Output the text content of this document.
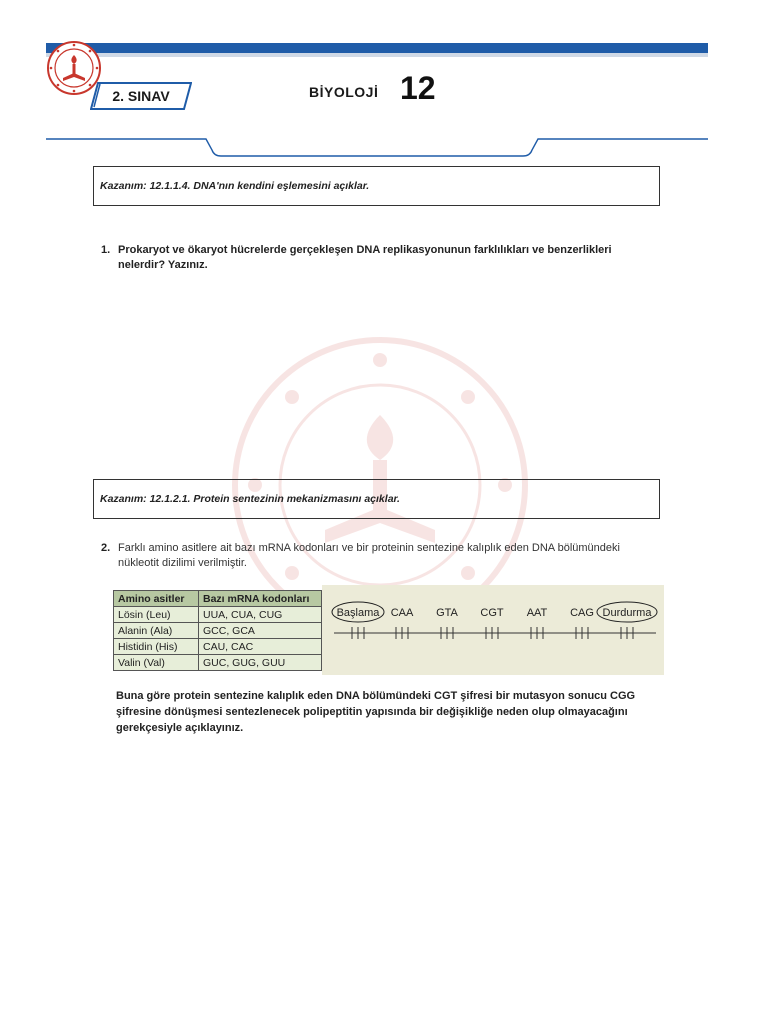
2. SINAV	BİYOLOJİ 12
Kazanım: 12.1.1.4. DNA'nın kendini eşlemesini açıklar.
1. Prokaryot ve ökaryot hücrelerde gerçekleşen DNA replikasyonunun farklılıkları ve benzerlikleri nelerdir? Yazınız.
Kazanım: 12.1.2.1. Protein sentezinin mekanizmasını açıklar.
2. Farklı amino asitlere ait bazı mRNA kodonları ve bir proteinin sentezine kalıplık eden DNA bölümündeki nükleotit dizilimi verilmiştir.
Amino asitler	Bazı mRNA kodonları
Lösin (Leu)	UUA, CUA, CUG
Alanin (Ala)	GCC, GCA
Histidin (His)	CAU, CAC
Valin (Val)	GUC, GUG, GUU
Başlama CAA GTA CGT AAT CAG Durdurma
Buna göre protein sentezine kalıplık eden DNA bölümündeki CGT şifresi bir mutasyon sonucu CGG şifresine dönüşmesi sentezlenecek polipeptitin yapısında bir değişikliğe neden olup olmayacağını gerekçesiyle açıklayınız.
